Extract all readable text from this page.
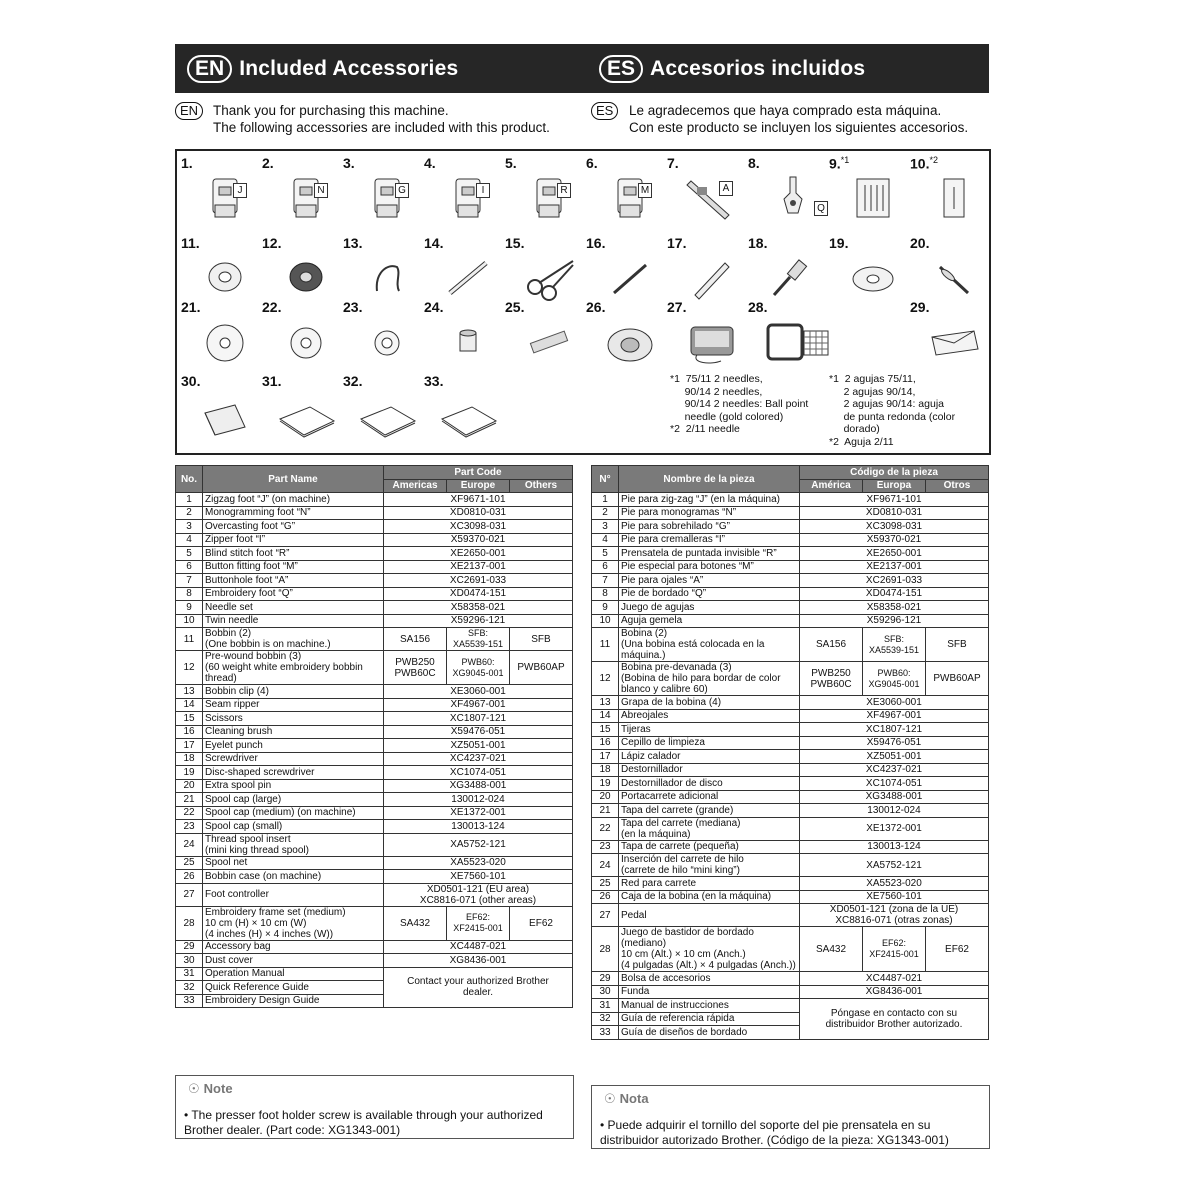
EN Included Accessories	ES Accesorios incluidos
EN	Thank you for purchasing this machine.
The following accessories are included with this product.
ES	Le agradecemos que haya comprado esta máquina.
Con este producto se incluyen los siguientes accesorios.
*1  75/11 2 needles,
90/14 2 needles,
90/14 2 needles: Ball point
needle (gold colored)
*2  2/11 needle
*1  2 agujas 75/11,
2 agujas 90/14,
2 agujas 90/14: aguja
de punta redonda (color
dorado)
*2  Aguja 2/11
1.
J
2.
N
3.
G
4.
I
5.
R
6.
M
7.
A
8.
Q
9.$^{*1}$	10.$^{*2}$
11.	12.	13.	14.	15.	16.	17.	18.	19.	20.
21.	22.	23.	24.	25.	26.	27.	28.	29.
30.	31.	32.	33.
No.	Part Name	Part Code		
		Americas	Europe	Others
1	Zigzag foot “J” (on machine)	XF9671-101		
2	Monogramming foot “N”	XD0810-031		
3	Overcasting foot “G”	XC3098-031		
4	Zipper foot “I”	X59370-021		
5	Blind stitch foot “R”	XE2650-001		
6	Button fitting foot “M”	XE2137-001		
7	Buttonhole foot “A”	XC2691-033		
8	Embroidery foot “Q”	XD0474-151		
9	Needle set	X58358-021		
10	Twin needle	X59296-121		
11	Bobbin (2)
(One bobbin is on machine.)	SA156	SFB:
XA5539-151	SFB
12	Pre-wound bobbin (3)
(60 weight white embroidery bobbin
thread)	PWB250
PWB60C	PWB60:
XG9045-001	PWB60AP
13	Bobbin clip (4)	XE3060-001		
14	Seam ripper	XF4967-001		
15	Scissors	XC1807-121		
16	Cleaning brush	X59476-051		
17	Eyelet punch	XZ5051-001		
18	Screwdriver	XC4237-021		
19	Disc-shaped screwdriver	XC1074-051		
20	Extra spool pin	XG3488-001		
21	Spool cap (large)	130012-024		
22	Spool cap (medium) (on machine)	XE1372-001		
23	Spool cap (small)	130013-124		
24	Thread spool insert
(mini king thread spool)	XA5752-121		
25	Spool net	XA5523-020		
26	Bobbin case (on machine)	XE7560-101		
27	Foot controller	XD0501-121 (EU area)
XC8816-071 (other areas)		
28	Embroidery frame set (medium)
10 cm (H) × 10 cm (W)
(4 inches (H) × 4 inches (W))	SA432	EF62:
XF2415-001	EF62
29	Accessory bag	XC4487-021		
30	Dust cover	XG8436-001		
31	Operation Manual	Contact your authorized Brother
dealer.		
32	Quick Reference Guide			
33	Embroidery Design Guide			
N°	Nombre de la pieza	Código de la pieza		
		América	Europa	Otros
1	Pie para zig-zag “J” (en la máquina)	XF9671-101		
2	Pie para monogramas “N”	XD0810-031		
3	Pie para sobrehilado “G”	XC3098-031		
4	Pie para cremalleras “I”	X59370-021		
5	Prensatela de puntada invisible “R”	XE2650-001		
6	Pie especial para botones “M”	XE2137-001		
7	Pie para ojales “A”	XC2691-033		
8	Pie de bordado “Q”	XD0474-151		
9	Juego de agujas	X58358-021		
10	Aguja gemela	X59296-121		
11	Bobina (2)
(Una bobina está colocada en la
máquina.)	SA156	SFB:
XA5539-151	SFB
12	Bobina pre-devanada (3)
(Bobina de hilo para bordar de color
blanco y calibre 60)	PWB250
PWB60C	PWB60:
XG9045-001	PWB60AP
13	Grapa de la bobina (4)	XE3060-001		
14	Abreojales	XF4967-001		
15	Tijeras	XC1807-121		
16	Cepillo de limpieza	X59476-051		
17	Lápiz calador	XZ5051-001		
18	Destornillador	XC4237-021		
19	Destornillador de disco	XC1074-051		
20	Portacarrete adicional	XG3488-001		
21	Tapa del carrete (grande)	130012-024		
22	Tapa del carrete (mediana)
(en la máquina)	XE1372-001		
23	Tapa de carrete (pequeña)	130013-124		
24	Inserción del carrete de hilo
(carrete de hilo “mini king”)	XA5752-121		
25	Red para carrete	XA5523-020		
26	Caja de la bobina (en la máquina)	XE7560-101		
27	Pedal	XD0501-121 (zona de la UE)
XC8816-071 (otras zonas)		
28	Juego de bastidor de bordado (mediano)
10 cm (Alt.) × 10 cm (Anch.)
(4 pulgadas (Alt.) × 4 pulgadas (Anch.))	SA432	EF62:
XF2415-001	EF62
29	Bolsa de accesorios	XC4487-021		
30	Funda	XG8436-001		
31	Manual de instrucciones	Póngase en contacto con su
distribuidor Brother autorizado.		
32	Guía de referencia rápida			
33	Guía de diseños de bordado			
☉ Note
• The presser foot holder screw is available through your authorized
Brother dealer. (Part code: XG1343-001)
☉ Nota
• Puede adquirir el tornillo del soporte del pie prensatela en su
distribuidor autorizado Brother. (Código de la pieza: XG1343-001)
